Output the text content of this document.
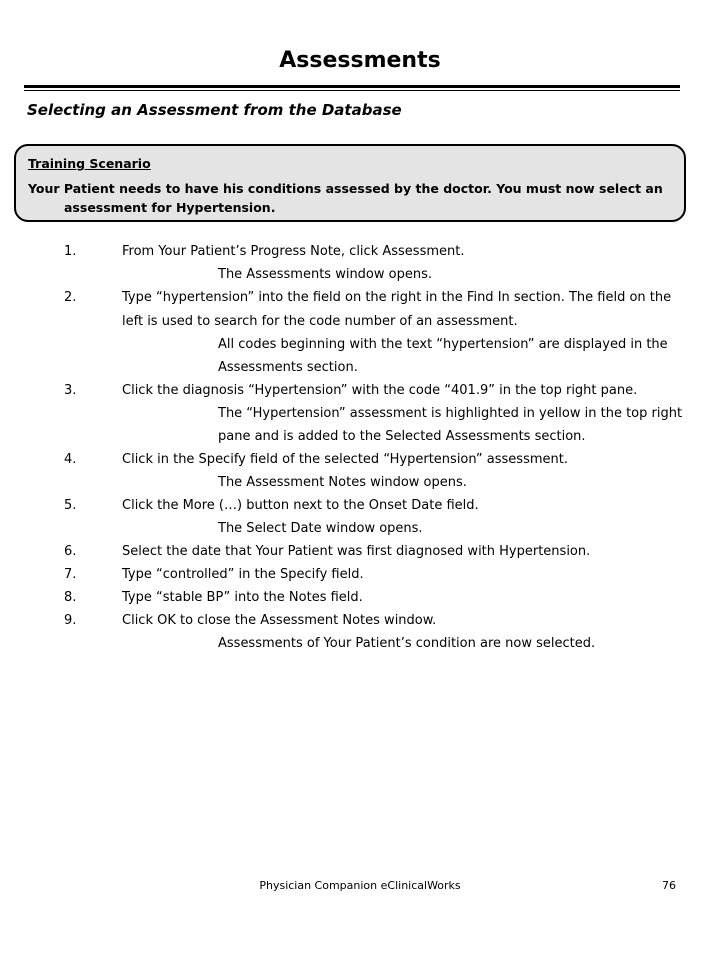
Assessments
Selecting an Assessment from the Database
Training Scenario
Your Patient needs to have his conditions assessed by the doctor. You must now select an assessment for Hypertension.
1.	From Your Patient’s Progress Note, click Assessment.
The Assessments window opens.
2.	Type “hypertension” into the field on the right in the Find In section. The field on the
left is used to search for the code number of an assessment.
All codes beginning with the text “hypertension” are displayed in the
Assessments section.
3.	Click the diagnosis “Hypertension” with the code “401.9” in the top right pane.
The “Hypertension” assessment is highlighted in yellow in the top right
pane and is added to the Selected Assessments section.
4.	Click in the Specify field of the selected “Hypertension” assessment.
The Assessment Notes window opens.
5.	Click the More (…) button next to the Onset Date field.
The Select Date window opens.
6.	Select the date that Your Patient was first diagnosed with Hypertension.
7.	Type “controlled” in the Specify field.
8.	Type “stable BP” into the Notes field.
9.	Click OK to close the Assessment Notes window.
Assessments of Your Patient’s condition are now selected.
Physician Companion eClinicalWorks	76
